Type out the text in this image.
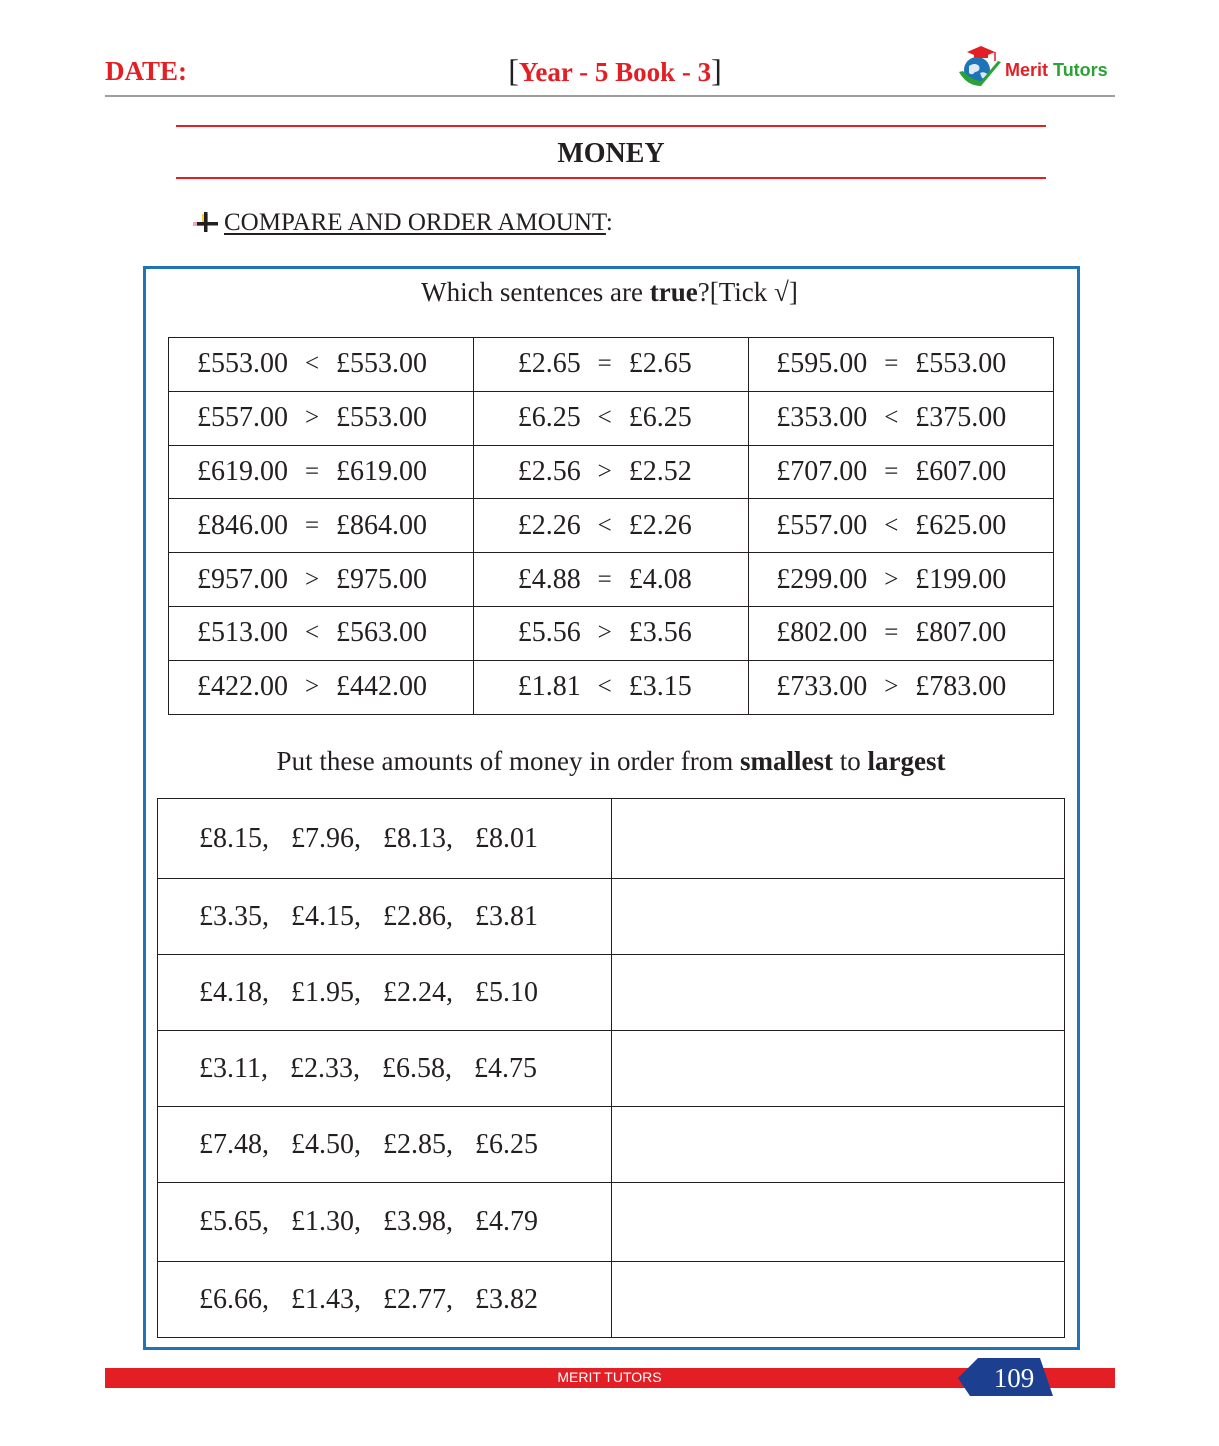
DATE:	[Year - 5 Book - 3]	Merit Tutors
MONEY
COMPARE AND ORDER AMOUNT:
Which sentences are true?[Tick √]
£553.00 < £553.00	£2.65 = £2.65	£595.00 = £553.00

£557.00 > £553.00	£6.25 < £6.25	£353.00 < £375.00

£619.00 = £619.00	£2.56 > £2.52	£707.00 = £607.00

£846.00 = £864.00	£2.26 < £2.26	£557.00 < £625.00

£957.00 > £975.00	£4.88 = £4.08	£299.00 > £199.00

£513.00 < £563.00	£5.56 > £3.56	£802.00 = £807.00

£422.00 > £442.00	£1.81 < £3.15	£733.00 > £783.00
Put these amounts of money in order from smallest to largest
£8.15, £7.96, £8.13, £8.01	

£3.35, £4.15, £2.86, £3.81	

£4.18, £1.95, £2.24, £5.10	

£3.11, £2.33, £6.58, £4.75	

£7.48, £4.50, £2.85, £6.25	

£5.65, £1.30, £3.98, £4.79	

£6.66, £1.43, £2.77, £3.82	

MERIT TUTORS	109
